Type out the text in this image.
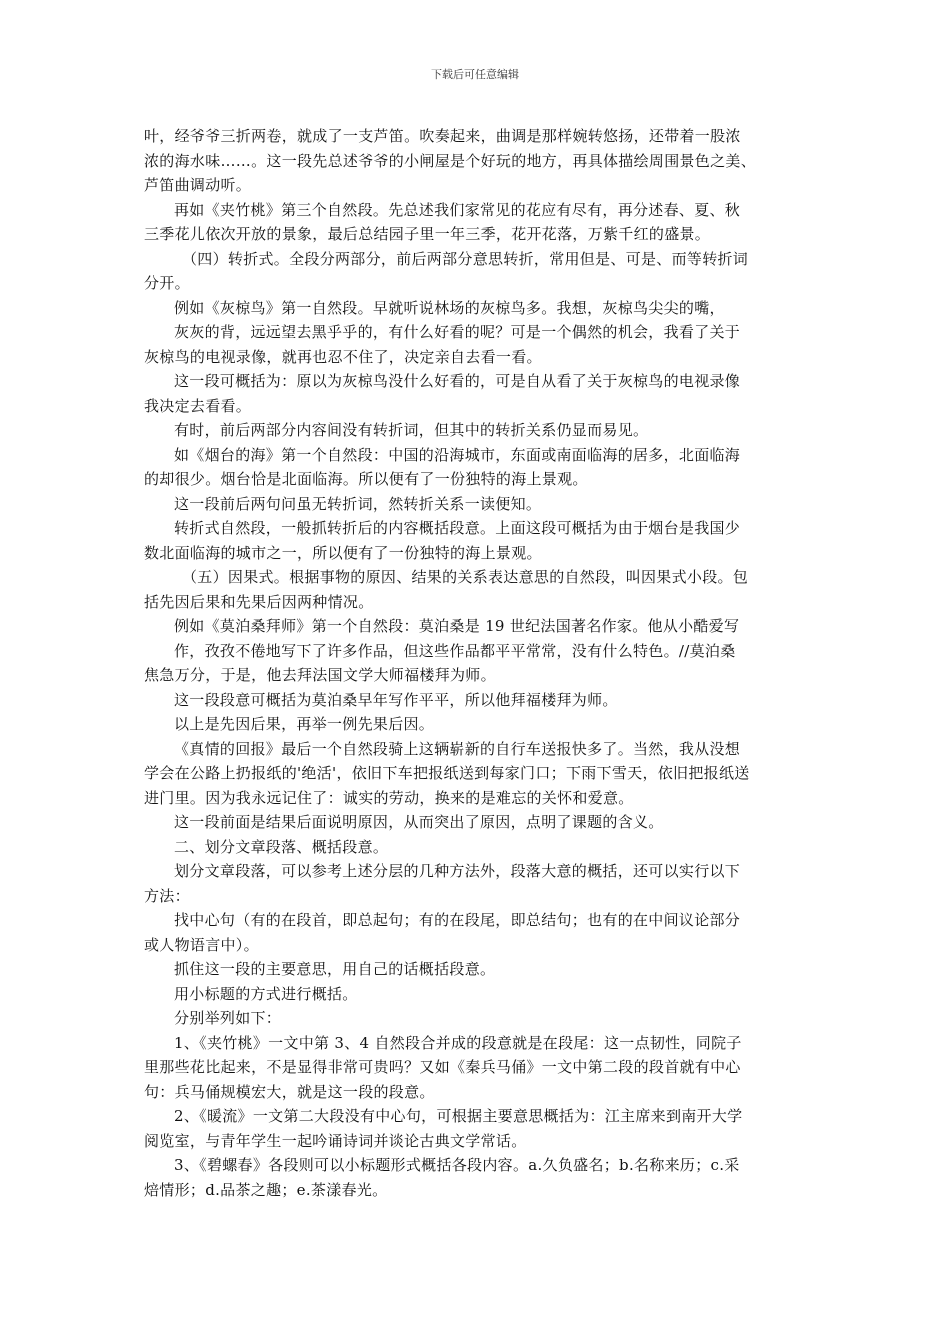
下载后可任意编辑

叶，经爷爷三折两卷，就成了一支芦笛。吹奏起来，曲调是那样婉转悠扬，还带着一股浓

浓的海水味……。这一段先总述爷爷的小闸屋是个好玩的地方，再具体描绘周围景色之美、

芦笛曲调动听。

再如《夹竹桃》第三个自然段。先总述我们家常见的花应有尽有，再分述春、夏、秋

三季花儿依次开放的景象，最后总结园子里一年三季，花开花落，万紫千红的盛景。

（四）转折式。全段分两部分，前后两部分意思转折，常用但是、可是、而等转折词

分开。

例如《灰椋鸟》第一自然段。早就听说林场的灰椋鸟多。我想，灰椋鸟尖尖的嘴，

灰灰的背，远远望去黑乎乎的，有什么好看的呢？可是一个偶然的机会，我看了关于

灰椋鸟的电视录像，就再也忍不住了，决定亲自去看一看。

这一段可概括为：原以为灰椋鸟没什么好看的，可是自从看了关于灰椋鸟的电视录像

我决定去看看。

有时，前后两部分内容间没有转折词，但其中的转折关系仍显而易见。

如《烟台的海》第一个自然段：中国的沿海城市，东面或南面临海的居多，北面临海

的却很少。烟台恰是北面临海。所以便有了一份独特的海上景观。

这一段前后两句问虽无转折词，然转折关系一读便知。

转折式自然段，一般抓转折后的内容概括段意。上面这段可概括为由于烟台是我国少

数北面临海的城市之一，所以便有了一份独特的海上景观。

（五）因果式。根据事物的原因、结果的关系表达意思的自然段，叫因果式小段。包

括先因后果和先果后因两种情况。

例如《莫泊桑拜师》第一个自然段：莫泊桑是 19 世纪法国著名作家。他从小酷爱写

作，孜孜不倦地写下了许多作品，但这些作品都平平常常，没有什么特色。//莫泊桑

焦急万分，于是，他去拜法国文学大师福楼拜为师。

这一段段意可概括为莫泊桑早年写作平平，所以他拜福楼拜为师。

以上是先因后果，再举一例先果后因。

《真情的回报》最后一个自然段骑上这辆崭新的自行车送报快多了。当然，我从没想

学会在公路上扔报纸的'绝活'，依旧下车把报纸送到每家门口；下雨下雪天，依旧把报纸送

进门里。因为我永远记住了：诚实的劳动，换来的是难忘的关怀和爱意。

这一段前面是结果后面说明原因，从而突出了原因，点明了课题的含义。

二、划分文章段落、概括段意。

划分文章段落，可以参考上述分层的几种方法外，段落大意的概括，还可以实行以下

方法：

找中心句（有的在段首，即总起句；有的在段尾，即总结句；也有的在中间议论部分

或人物语言中）。

抓住这一段的主要意思，用自己的话概括段意。

用小标题的方式进行概括。

分别举列如下：

1、《夹竹桃》一文中第 3、4 自然段合并成的段意就是在段尾：这一点韧性，同院子

里那些花比起来，不是显得非常可贵吗？又如《秦兵马俑》一文中第二段的段首就有中心

句：兵马俑规模宏大，就是这一段的段意。

2、《暖流》一文第二大段没有中心句，可根据主要意思概括为：江主席来到南开大学

阅览室，与青年学生一起吟诵诗词并谈论古典文学常话。

3、《碧螺春》各段则可以小标题形式概括各段内容。a.久负盛名；b.名称来历；c.采

焙情形；d.品茶之趣；e.茶漾春光。
